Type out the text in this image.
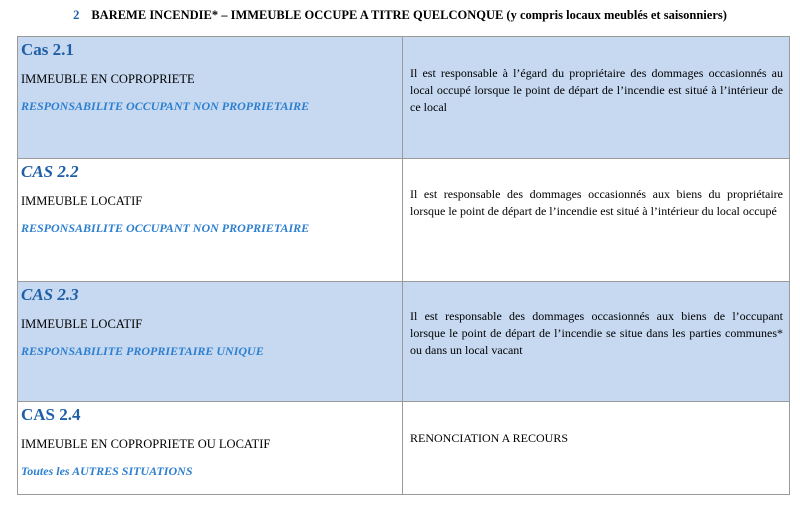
2 BAREME INCENDIE* – IMMEUBLE OCCUPE A TITRE QUELCONQUE (y compris locaux meublés et saisonniers)
Cas 2.1
IMMEUBLE EN COPROPRIETE
RESPONSABILITE OCCUPANT NON PROPRIETAIRE	Il est responsable à l’égard du propriétaire des dommages occasionnés au local occupé lorsque le point de départ de l’incendie est situé à l’intérieur de ce local

CAS 2.2
IMMEUBLE LOCATIF
RESPONSABILITE OCCUPANT NON PROPRIETAIRE	Il est responsable des dommages occasionnés aux biens du propriétaire lorsque le point de départ de l’incendie est situé à l’intérieur du local occupé

CAS 2.3
IMMEUBLE LOCATIF
RESPONSABILITE PROPRIETAIRE UNIQUE	Il est responsable des dommages occasionnés aux biens de l’occupant lorsque le point de départ de l’incendie se situe dans les parties communes* ou dans un local vacant

CAS 2.4
IMMEUBLE EN COPROPRIETE OU LOCATIF
Toutes les AUTRES SITUATIONS	RENONCIATION A RECOURS
